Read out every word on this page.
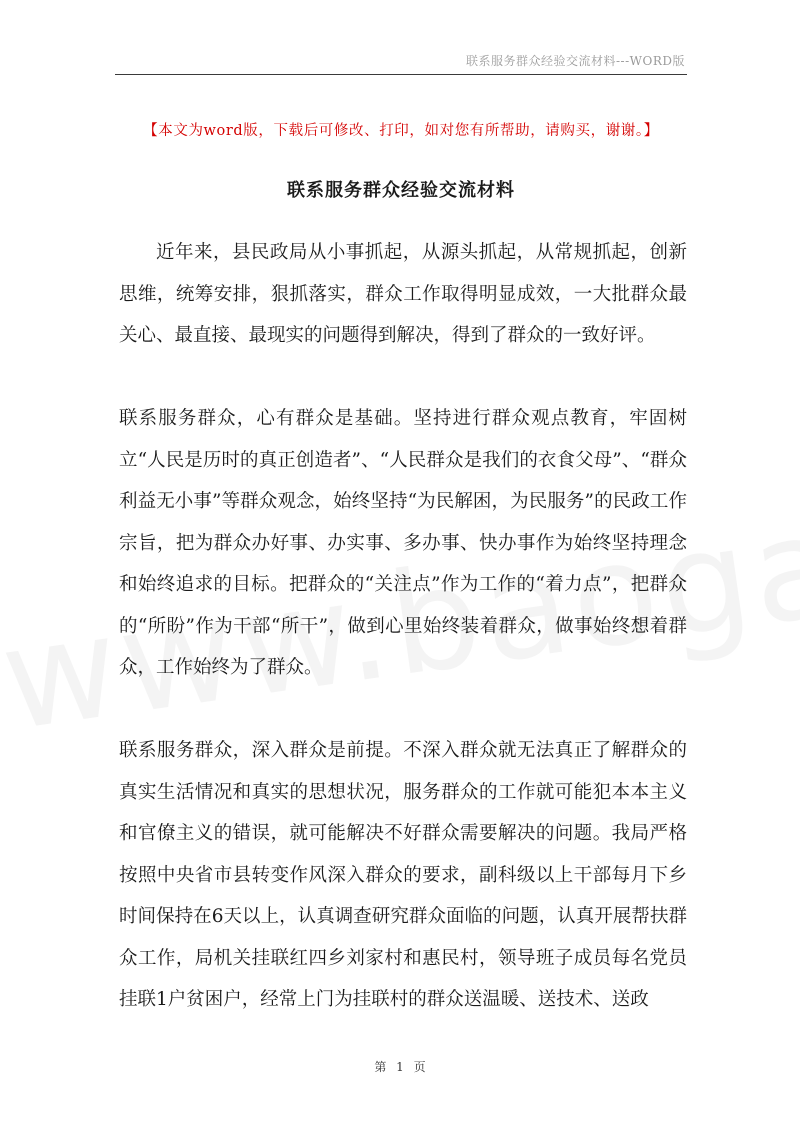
联系服务群众经验交流材料---WORD版
【本文为word版，下载后可修改、打印，如对您有所帮助，请购买，谢谢。】
联系服务群众经验交流材料

近年来，县民政局从小事抓起，从源头抓起，从常规抓起，创新思维，统筹安排，狠抓落实，群众工作取得明显成效，一大批群众最关心、最直接、最现实的问题得到解决，得到了群众的一致好评。

联系服务群众，心有群众是基础。坚持进行群众观点教育，牢固树立“人民是历时的真正创造者”、“人民群众是我们的衣食父母”、“群众利益无小事”等群众观念，始终坚持“为民解困，为民服务”的民政工作宗旨，把为群众办好事、办实事、多办事、快办事作为始终坚持理念和始终追求的目标。把群众的“关注点”作为工作的“着力点”，把群众的“所盼”作为干部“所干”，做到心里始终装着群众，做事始终想着群众，工作始终为了群众。

联系服务群众，深入群众是前提。不深入群众就无法真正了解群众的真实生活情况和真实的思想状况，服务群众的工作就可能犯本本主义和官僚主义的错误，就可能解决不好群众需要解决的问题。我局严格按照中央省市县转变作风深入群众的要求，副科级以上干部每月下乡时间保持在6天以上，认真调查研究群众面临的问题，认真开展帮扶群众工作，局机关挂联红四乡刘家村和惠民村，领导班子成员每名党员挂联1户贫困户，经常上门为挂联村的群众送温暖、送技术、送政

第 1 页
